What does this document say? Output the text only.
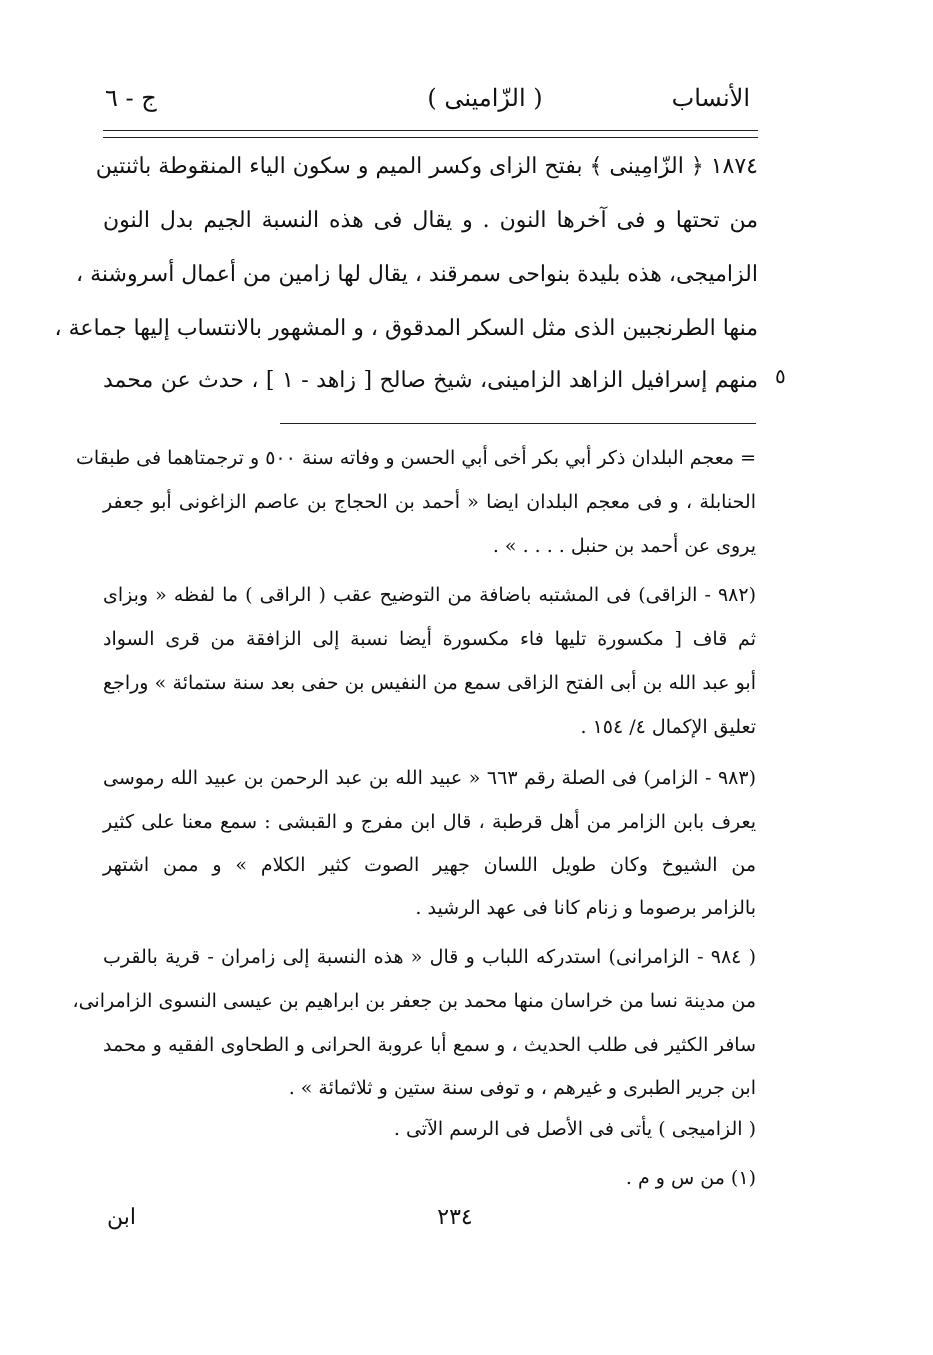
الأنساب
( الزّامينى )
ج - ٦
١٨٧٤ ﴿ الزّامِينى ﴾ بفتح الزاى وكسر الميم و سكون الياء المنقوطة باثنتين
من تحتها و فى آخرها النون . و يقال فى هذه النسبة الجيم بدل النون
الزاميجى، هذه بليدة بنواحى سمرقند ، يقال لها زامين من أعمال أسروشنة ،
منها الطرنجبين الذى مثل السكر المدقوق ، و المشهور بالانتساب إليها جماعة ،
منهم إسرافيل الزاهد الزامينى، شيخ صالح [ زاهد - ١ ] ، حدث عن محمد ٥
= معجم البلدان ذكر أبي بكر أخى أبي الحسن و وفاته سنة ٥٠٠ و ترجمتاهما فى طبقات
الحنابلة ، و فى معجم البلدان ايضا « أحمد بن الحجاج بن عاصم الزاغونى أبو جعفر
يروى عن أحمد بن حنبل . . . . » .
(٩٨٢ - الزاقى) فى المشتبه باضافة من التوضيح عقب ( الراقى ) ما لفظه « وبزاى
ثم قاف [ مكسورة تليها فاء مكسورة أيضا نسبة إلى الزافقة من قرى السواد
أبو عبد الله بن أبى الفتح الزاقى سمع من النفيس بن حفى بعد سنة ستمائة » وراجع
تعليق الإكمال ٤/ ١٥٤ .
(٩٨٣ - الزامر) فى الصلة رقم ٦٦٣ « عبيد الله بن عبد الرحمن بن عبيد الله رموسى
يعرف بابن الزامر من أهل قرطبة ، قال ابن مفرج و القبشى : سمع معنا على كثير
من الشيوخ وكان طويل اللسان جهير الصوت كثير الكلام » و ممن اشتهر
بالزامر برصوما و زنام كانا فى عهد الرشيد .
( ٩٨٤ - الزامرانى) استدركه اللباب و قال « هذه النسبة إلى زامران - قرية بالقرب
من مدينة نسا من خراسان منها محمد بن جعفر بن ابراهيم بن عيسى النسوى الزامرانى،
سافر الكثير فى طلب الحديث ، و سمع أبا عروبة الحرانى و الطحاوى الفقيه و محمد
ابن جرير الطبرى و غيرهم ، و توفى سنة ستين و ثلاثمائة » .
( الزاميجى ) يأتى فى الأصل فى الرسم الآتى .
(١) من س و م .
٢٣٤
ابن
